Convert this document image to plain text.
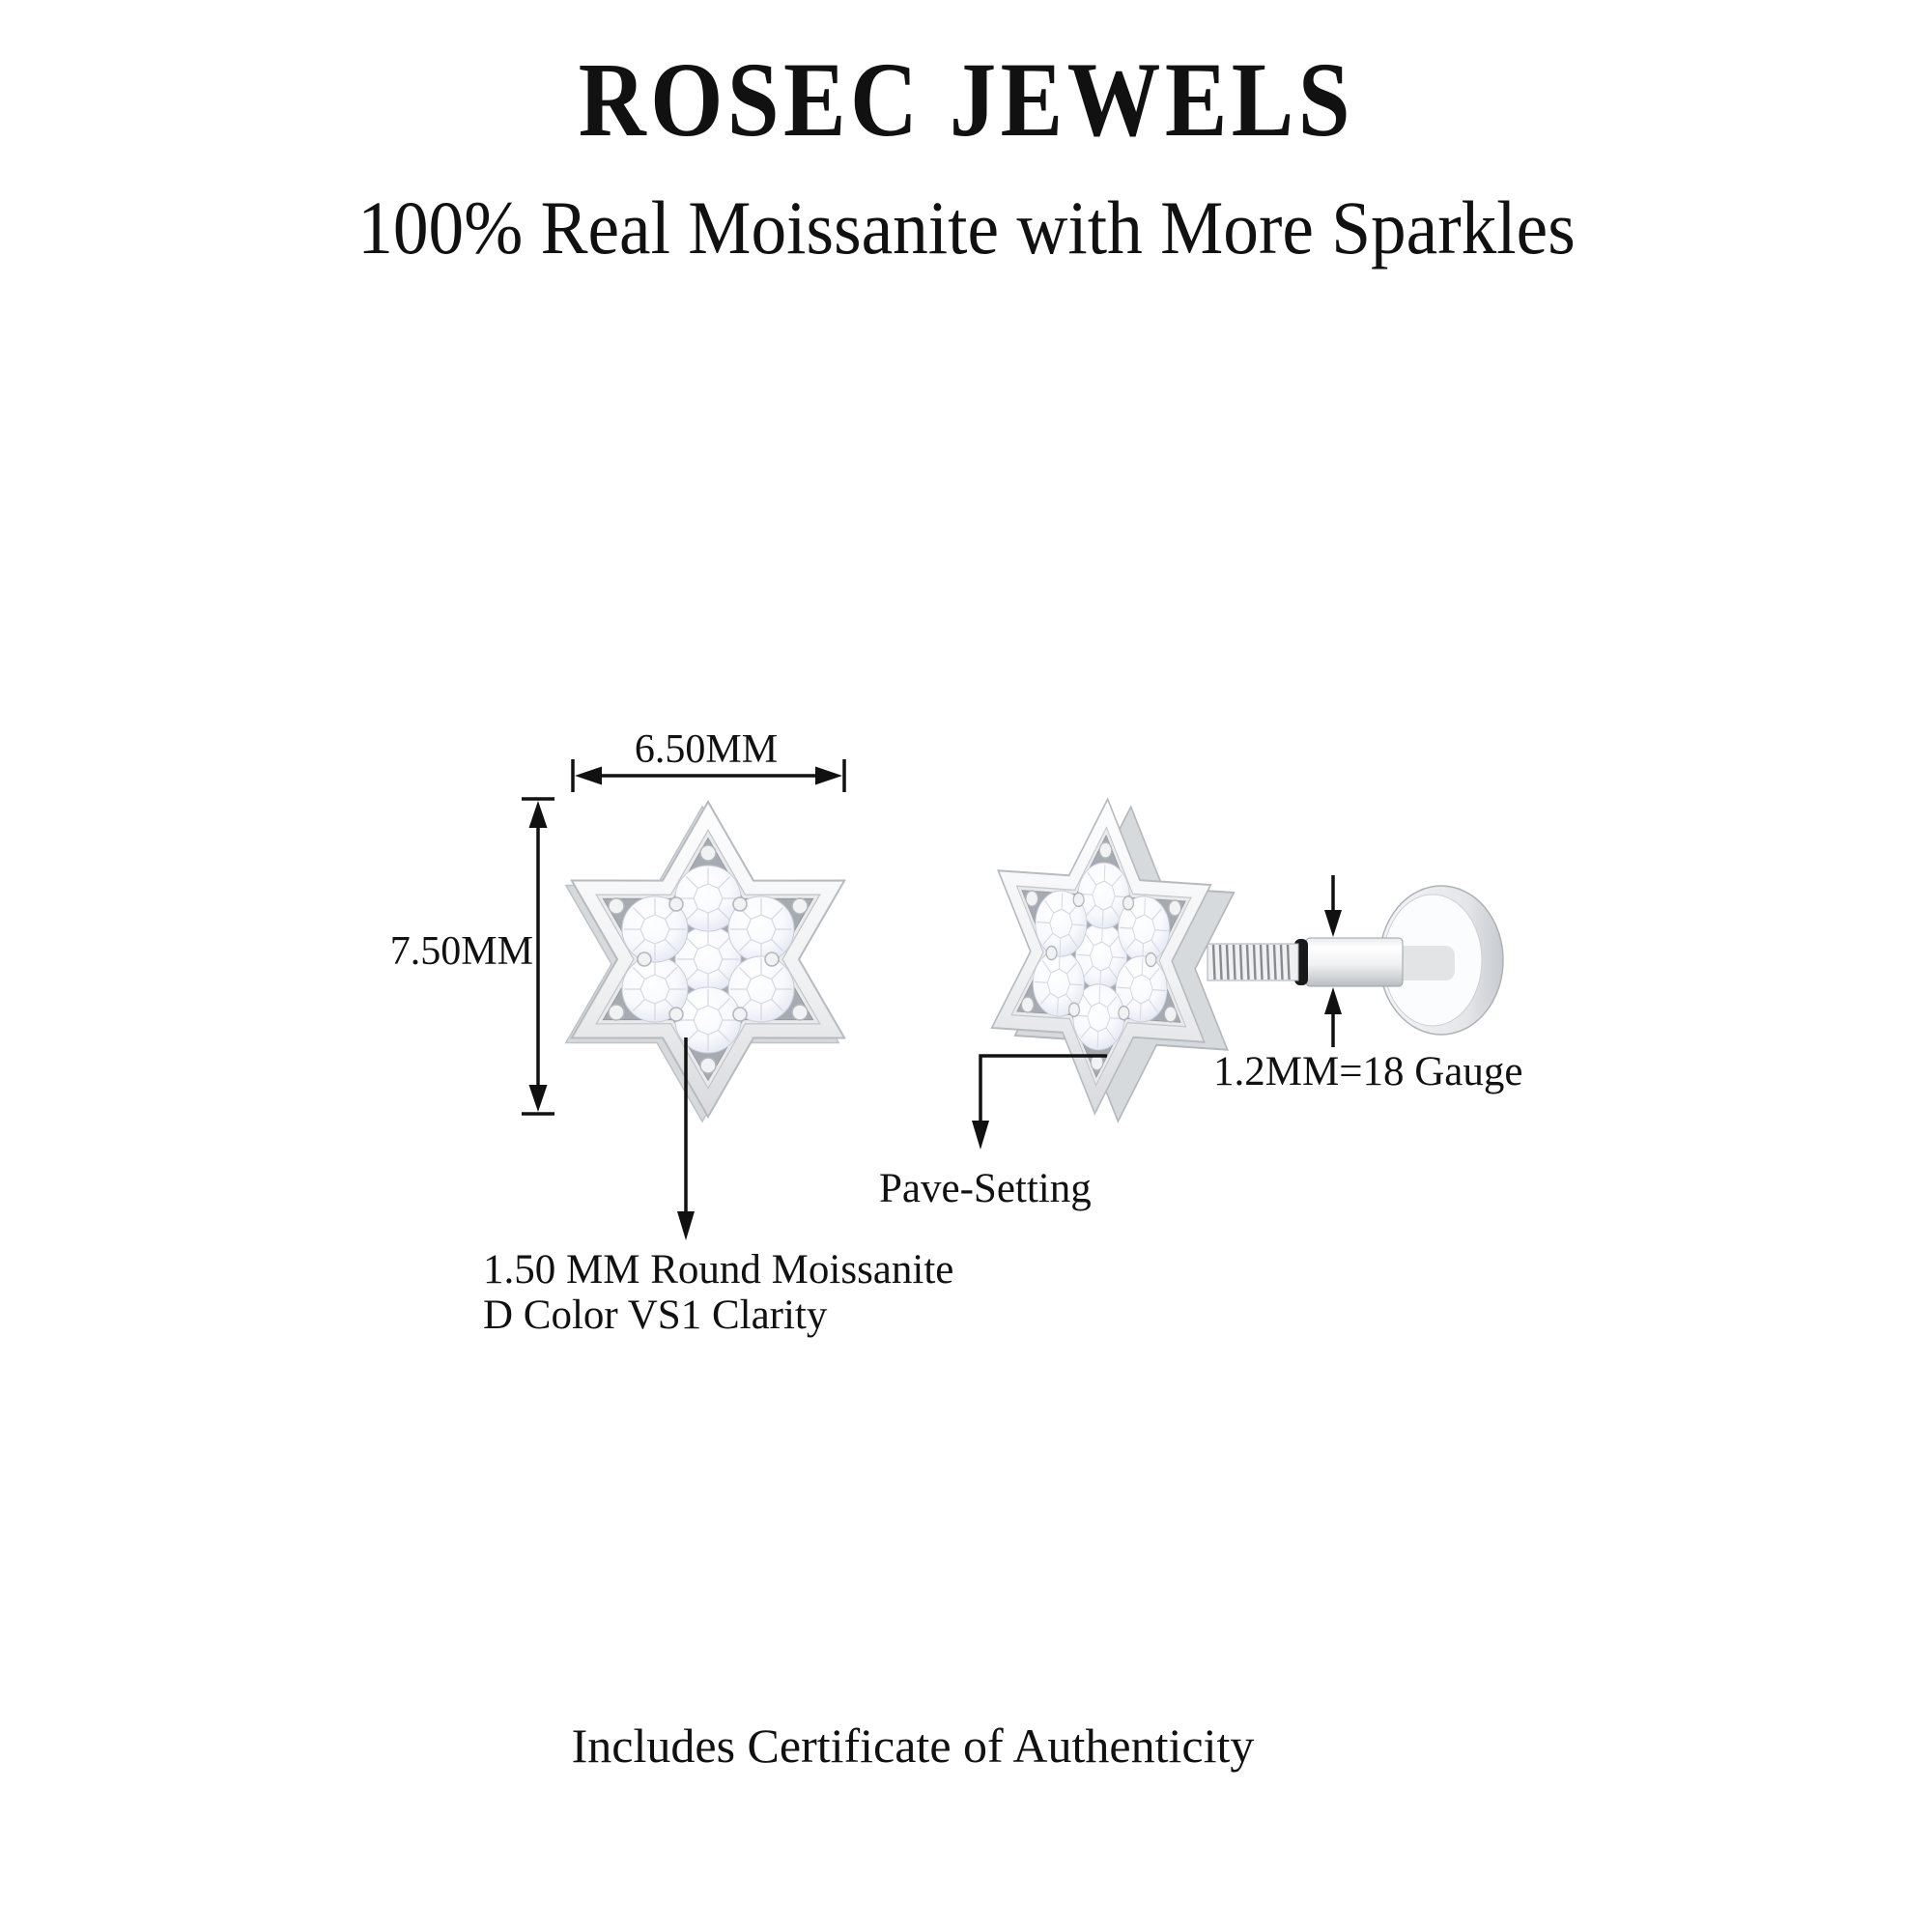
ROSEC JEWELS
100% Real Moissanite with More Sparkles
6.50MM
7.50MM
1.2MM=18 Gauge
Pave-Setting
1.50 MM Round Moissanite
D Color VS1 Clarity
Includes Certificate of Authenticity
